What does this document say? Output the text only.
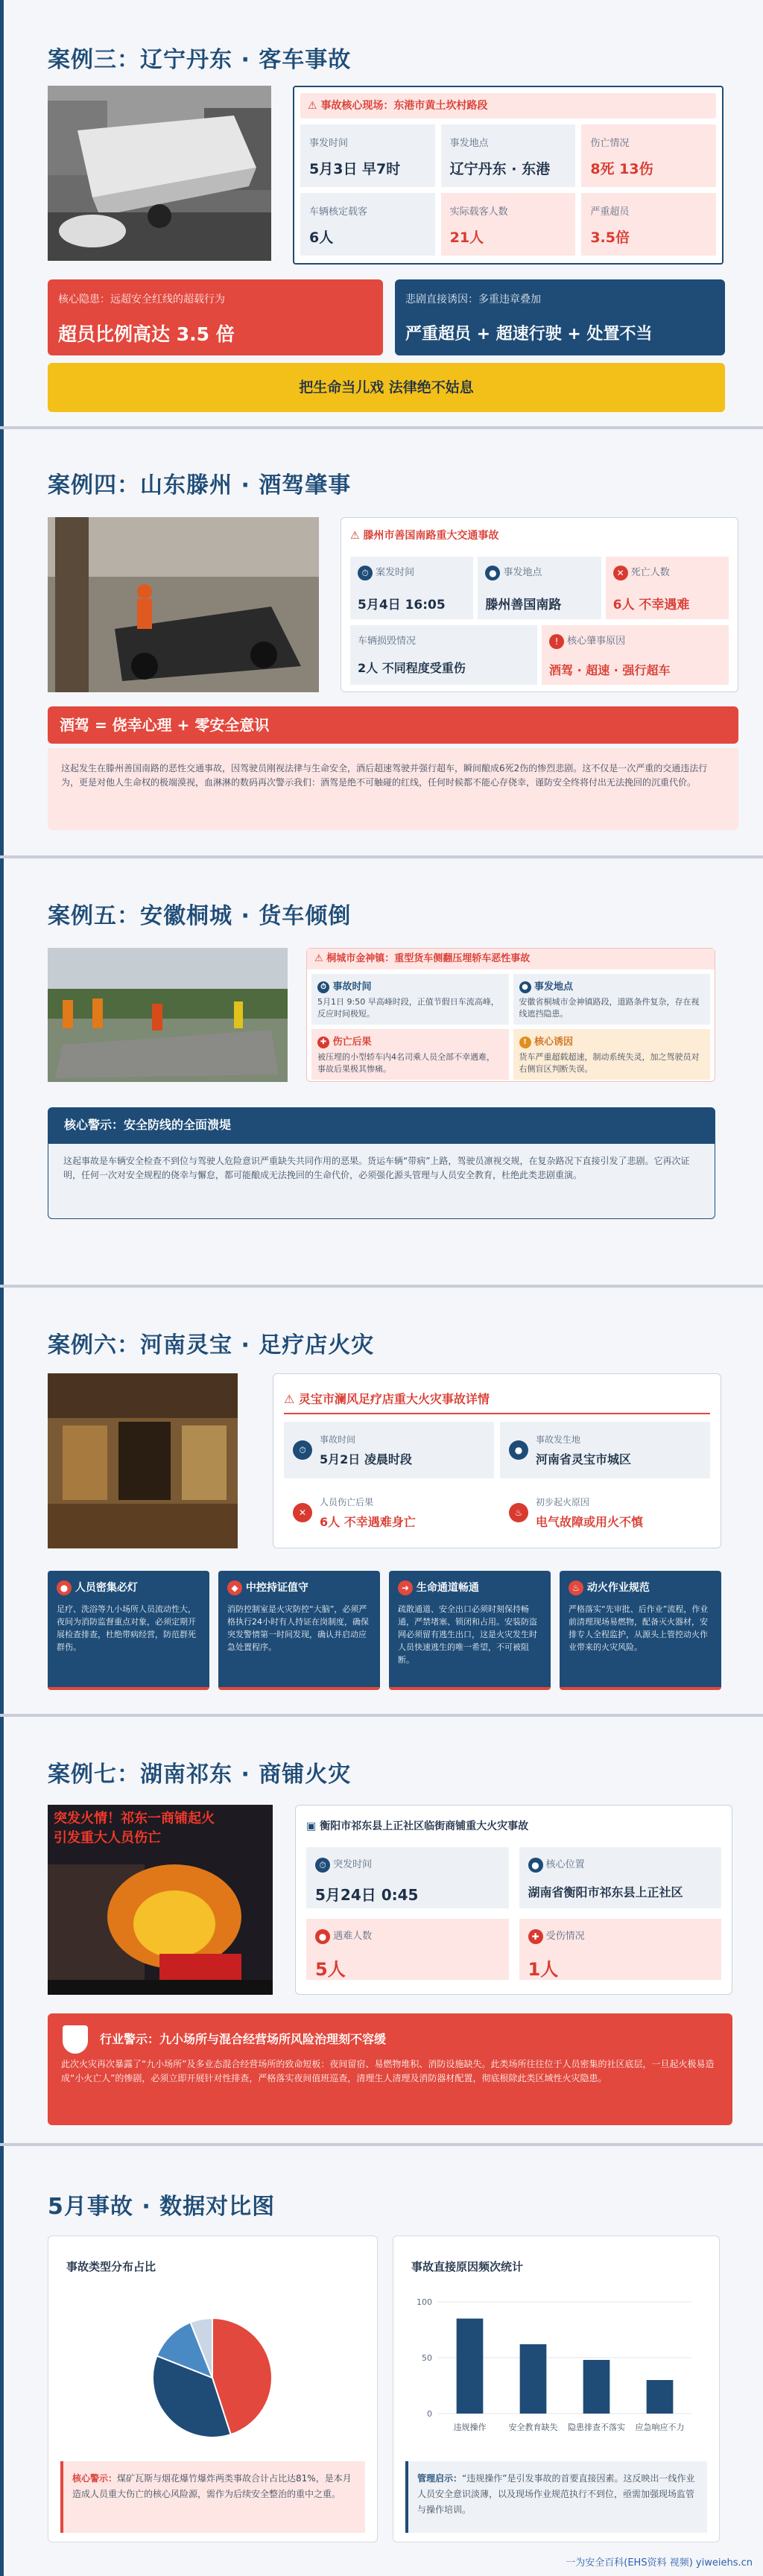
案例三：辽宁丹东 · 客车事故
⚠ 事故核心现场：东港市黄土坎村路段
事发时间
5月3日 早7时
事发地点
辽宁丹东 · 东港
伤亡情况
8死 13伤
车辆核定载客
6人
实际载客人数
21人
严重超员
3.5倍
核心隐患：远超安全红线的超载行为
超员比例高达 3.5 倍
悲剧直接诱因：多重违章叠加
严重超员 + 超速行驶 + 处置不当
把生命当儿戏 法律绝不姑息
案例四：山东滕州 · 酒驾肇事
⚠ 滕州市善国南路重大交通事故
⏱ 案发时间
5月4日 16:05
● 事发地点
滕州善国南路
✕ 死亡人数
6人 不幸遇难
车辆损毁情况
2人 不同程度受重伤
! 核心肇事原因
酒驾 · 超速 · 强行超车
酒驾 = 侥幸心理 + 零安全意识
这起发生在滕州善国南路的恶性交通事故，因驾驶员刚视法律与生命安全，酒后超速驾驶并强行超车，瞬间酿成6死2伤的惨烈悲剧。这不仅是一次严重的交通违法行为，更是对他人生命权的极端漠视，血淋淋的数码再次警示我们：酒驾是绝不可触碰的红线，任何时候都不能心存侥幸，谨防安全终将付出无法挽回的沉重代价。
案例五：安徽桐城 · 货车倾倒
⚠ 桐城市金神镇：重型货车侧翻压埋轿车恶性事故
⏱ 事故时间
5月1日 9:50 早高峰时段，正值节假日车流高峰，反应时间极短。
● 事发地点
安徽省桐城市金神镇路段，道路条件复杂，存在视线遮挡隐患。
✚ 伤亡后果
被压埋的小型轿车内4名司乘人员全部不幸遇难，事故后果极其惨痛。
! 核心诱因
货车严重超载超速，制动系统失灵，加之驾驶员对右侧盲区判断失误。
核心警示：安全防线的全面溃堤
这起事故是车辆安全检查不到位与驾驶人危险意识严重缺失共同作用的恶果。货运车辆“带病”上路，驾驶员凛视交规，在复杂路况下直接引发了悲剧。它再次证明，任何一次对安全规程的侥幸与懈怠，都可能酿成无法挽回的生命代价，必须强化源头管理与人员安全教育，杜绝此类悲剧重演。
案例六：河南灵宝 · 足疗店火灾
⚠ 灵宝市澜风足疗店重大火灾事故详情
⏱
事故时间
5月2日 凌晨时段
●
事故发生地
河南省灵宝市城区
✕
人员伤亡后果
6人 不幸遇难身亡
♨
初步起火原因
电气故障或用火不慎
● 人员密集必灯
足疗、洗浴等九小场所人员流动性大，夜间为消防监督重点对象，必须定期开展检查排查，杜绝带病经营，防范群死群伤。
◆ 中控持证值守
消防控制室是火灾防控“大脑”，必须严格执行24小时有人持证在岗制度，确保突发警情第一时间发现，确认并启动应急处置程序。
➜ 生命通道畅通
疏散通道、安全出口必须时刻保持畅通，严禁堵塞、锁闭和占用。安装防盗网必须留有逃生出口，这是火灾发生时人员快速逃生的唯一希望，不可被阻断。
♨ 动火作业规范
严格落实“先审批、后作业”流程，作业前清理现场易燃物，配备灭火器材，安排专人全程监护，从源头上管控动火作业带来的火灾风险。
案例七：湖南祁东 · 商铺火灾
突发火情！祁东一商铺起火 引发重大人员伤亡
▣ 衡阳市祁东县上正社区临街商铺重大火灾事故
⏱ 突发时间
5月24日 0:45
● 核心位置
湖南省衡阳市祁东县上正社区
● 遇难人数
5人
✚ 受伤情况
1人
行业警示：九小场所与混合经营场所风险治理刻不容缓
此次火灾再次暴露了“九小场所”及多业态混合经营场所的致命短板：夜间留宿、易燃物堆积、消防设施缺失。此类场所往往位于人员密集的社区底层，一旦起火极易造成“小火亡人”的惨剧，必须立即开展针对性排查，严格落实夜间值班巡查，清理生人清理及消防器材配置，彻底根除此类区域性火灾隐患。
5月事故 · 数据对比图
事故类型分布占比
核心警示：煤矿瓦斯与烟花爆竹爆炸两类事故合计占比达81%，是本月造成人员重大伤亡的核心风险源，需作为后续安全整治的重中之重。
事故直接原因频次统计
0
50
100
违规操作	安全教育缺失 隐患排查不落实 应急响应不力
管理启示：“违规操作”是引发事故的首要直接因素。这反映出一线作业人员安全意识淡薄，以及现场作业规范执行不到位，亟需加强现场监管与操作培训。
一为安全百科(EHS资料 视频) yiweiehs.cn
